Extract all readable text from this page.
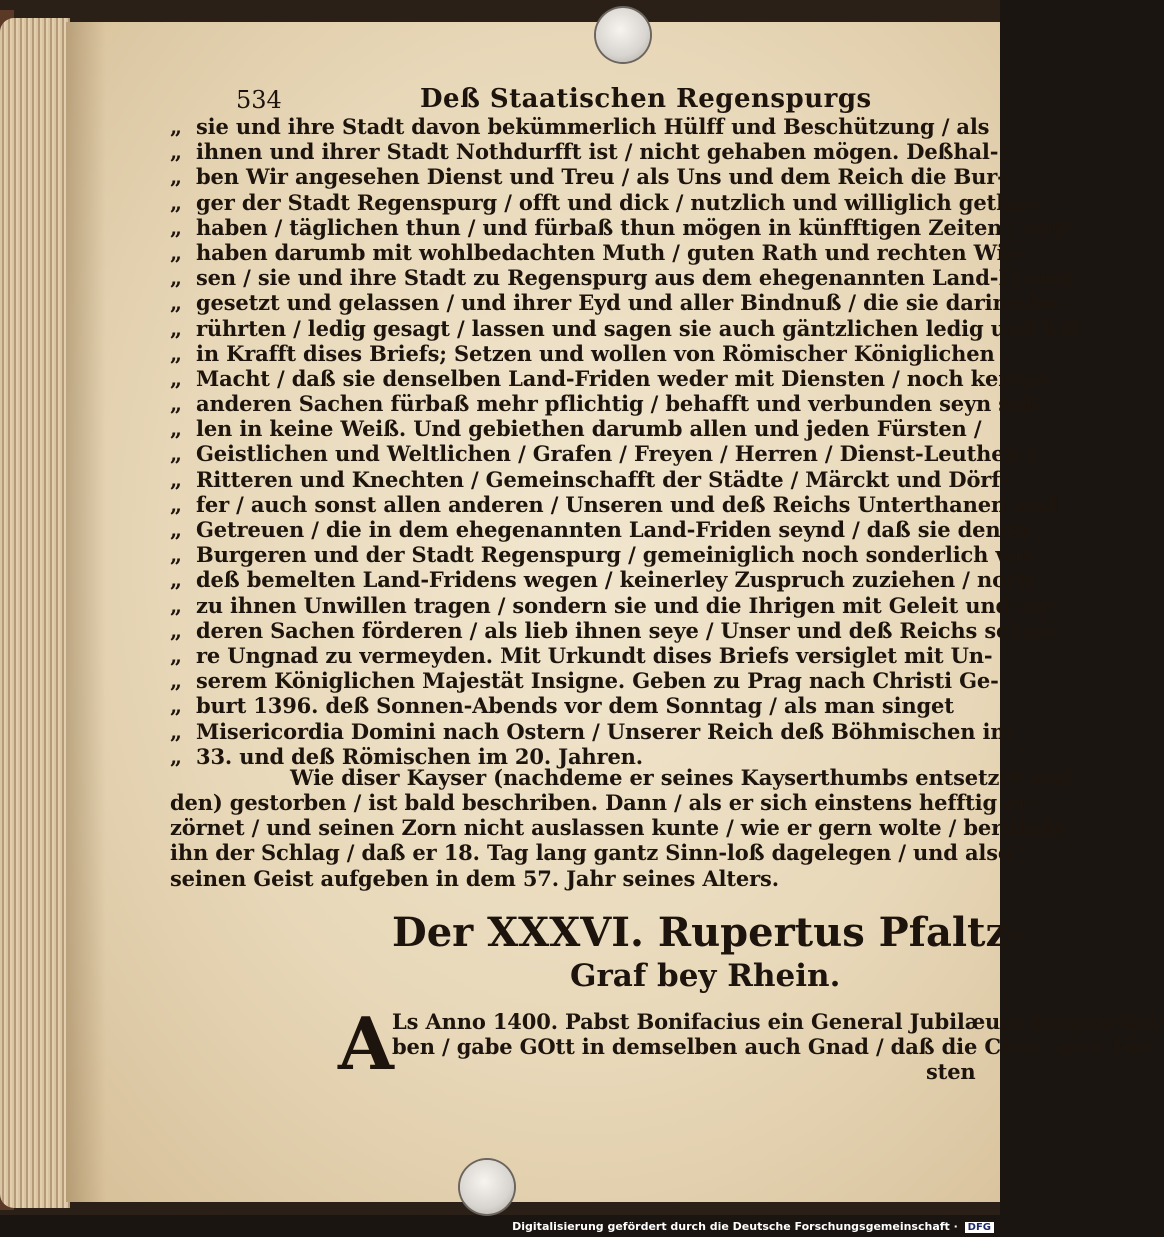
534	Deß Staatischen Regenspurgs
„ sie und ihre Stadt davon bekümmerlich Hülff und Beschützung / als
„ ihnen und ihrer Stadt Nothdurfft ist / nicht gehaben mögen. Deßhal-
„ ben Wir angesehen Dienst und Treu / als Uns und dem Reich die Bur-
„ ger der Stadt Regenspurg / offt und dick / nutzlich und williglich gethan
„ haben / täglichen thun / und fürbaß thun mögen in künfftigen Zeiten / und
„ haben darumb mit wohlbedachten Muth / guten Rath und rechten Wis-
„ sen / sie und ihre Stadt zu Regenspurg aus dem ehegenannten Land-Friden
„ gesetzt und gelassen / und ihrer Eyd und aller Bindnuß / die sie darinn be-
„ rührten / ledig gesagt / lassen und sagen sie auch gäntzlichen ledig und loß
„ in Krafft dises Briefs; Setzen und wollen von Römischer Königlichen
„ Macht / daß sie denselben Land-Friden weder mit Diensten / noch keinen
„ anderen Sachen fürbaß mehr pflichtig / behafft und verbunden seyn sol-
„ len in keine Weiß. Und gebiethen darumb allen und jeden Fürsten /
„ Geistlichen und Weltlichen / Grafen / Freyen / Herren / Dienst-Leuthen /
„ Ritteren und Knechten / Gemeinschafft der Städte / Märckt und Dörf-
„ fer / auch sonst allen anderen / Unseren und deß Reichs Unterthanen und
„ Getreuen / die in dem ehegenannten Land-Friden seynd / daß sie denen
„ Burgeren und der Stadt Regenspurg / gemeiniglich noch sonderlich von
„ deß bemelten Land-Fridens wegen / keinerley Zuspruch zuziehen / noch
„ zu ihnen Unwillen tragen / sondern sie und die Ihrigen mit Geleit und an-
„ deren Sachen förderen / als lieb ihnen seye / Unser und deß Reichs schwä-
„ re Ungnad zu vermeyden. Mit Urkundt dises Briefs versiglet mit Un-
„ serem Königlichen Majestät Insigne. Geben zu Prag nach Christi Ge-
„ burt 1396. deß Sonnen-Abends vor dem Sonntag / als man singet
„ Misericordia Domini nach Ostern / Unserer Reich deß Böhmischen im
„ 33. und deß Römischen im 20. Jahren.
Wie diser Kayser (nachdeme er seines Kayserthumbs entsetzet wor-
den) gestorben / ist bald beschriben. Dann / als er sich einstens hefftig er-
zörnet / und seinen Zorn nicht auslassen kunte / wie er gern wolte / berührte
ihn der Schlag / daß er 18. Tag lang gantz Sinn-loß dagelegen / und also
seinen Geist aufgeben in dem 57. Jahr seines Alters.
Der XXXVI. Rupertus Pfaltz-
Graf bey Rhein.
A
Ls Anno 1400. Pabst Bonifacius ein General Jubilæum ausgeschri-
ben / gabe GOtt in demselben auch Gnad / daß die Chur- und Für-
sten
Digitalisierung gefördert durch die Deutsche Forschungsgemeinschaft · DFG
